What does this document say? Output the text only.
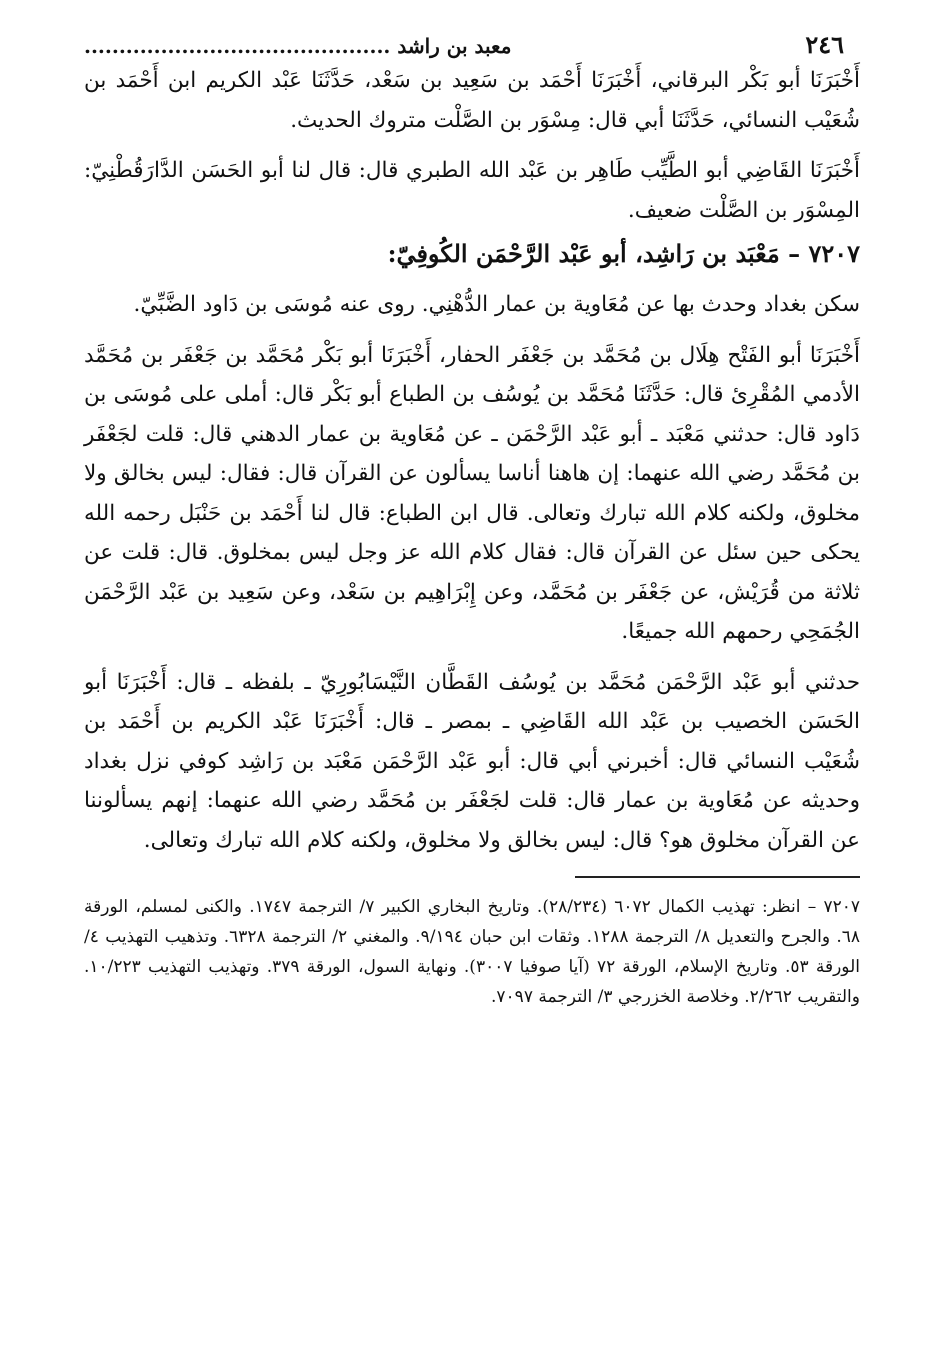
٢٤٦
معبد بن راشد ............................................

أَخْبَرَنَا أبو بَكْر البرقاني، أَخْبَرَنَا أَحْمَد بن سَعِيد بن سَعْد، حَدَّثَنَا عَبْد الكريم ابن أَحْمَد بن شُعَيْب النسائي، حَدَّثَنَا أبي قال: مِسْوَر بن الصَّلْت متروك الحديث.

أَخْبَرَنَا القَاضِي أبو الطَّيِّب طَاهِر بن عَبْد الله الطبري قال: قال لنا أبو الحَسَن الدَّارَقُطْنِيّ: المِسْوَر بن الصَّلْت ضعيف.

٧٢٠٧ – مَعْبَد بن رَاشِد، أبو عَبْد الرَّحْمَن الكُوفِيّ:

سكن بغداد وحدث بها عن مُعَاوية بن عمار الدُّهْنِي. روى عنه مُوسَى بن دَاود الضَّبِّيّ.

أَخْبَرَنَا أبو الفَتْح هِلَال بن مُحَمَّد بن جَعْفَر الحفار، أَخْبَرَنَا أبو بَكْر مُحَمَّد بن جَعْفَر بن مُحَمَّد الأدمي المُقْرِئ قال: حَدَّثَنَا مُحَمَّد بن يُوسُف بن الطباع أبو بَكْر قال: أملى على مُوسَى بن دَاود قال: حدثني مَعْبَد ـ أبو عَبْد الرَّحْمَن ـ عن مُعَاوية بن عمار الدهني قال: قلت لجَعْفَر بن مُحَمَّد رضي الله عنهما: إن هاهنا أناسا يسألون عن القرآن قال: فقال: ليس بخالق ولا مخلوق، ولكنه كلام الله تبارك وتعالى. قال ابن الطباع: قال لنا أَحْمَد بن حَنْبَل رحمه الله يحكى حين سئل عن القرآن قال: فقال كلام الله عز وجل ليس بمخلوق. قال: قلت عن ثلاثة من قُرَيْش، عن جَعْفَر بن مُحَمَّد، وعن إِبْرَاهِيم بن سَعْد، وعن سَعِيد بن عَبْد الرَّحْمَن الجُمَحِي رحمهم الله جميعًا.

حدثني أبو عَبْد الرَّحْمَن مُحَمَّد بن يُوسُف القَطَّان النَّيْسَابُورِيّ ـ بلفظه ـ قال: أَخْبَرَنَا أبو الحَسَن الخصيب بن عَبْد الله القَاضِي ـ بمصر ـ قال: أَخْبَرَنَا عَبْد الكريم بن أَحْمَد بن شُعَيْب النسائي قال: أخبرني أبي قال: أبو عَبْد الرَّحْمَن مَعْبَد بن رَاشِد كوفي نزل بغداد وحديثه عن مُعَاوية بن عمار قال: قلت لجَعْفَر بن مُحَمَّد رضي الله عنهما: إنهم يسألوننا عن القرآن مخلوق هو؟ قال: ليس بخالق ولا مخلوق، ولكنه كلام الله تبارك وتعالى.

٧٢٠٧ – انظر: تهذيب الكمال ٦٠٧٢ (٢٨/٢٣٤). وتاريخ البخاري الكبير ٧/ الترجمة ١٧٤٧. والكنى لمسلم، الورقة ٦٨. والجرح والتعديل ٨/ الترجمة ١٢٨٨. وثقات ابن حبان ٩/١٩٤. والمغني ٢/ الترجمة ٦٣٢٨. وتذهيب التهذيب ٤/ الورقة ٥٣. وتاريخ الإسلام، الورقة ٧٢ (آيا صوفيا ٣٠٠٧). ونهاية السول، الورقة ٣٧٩. وتهذيب التهذيب ١٠/٢٢٣. والتقريب ٢/٢٦٢. وخلاصة الخزرجي ٣/ الترجمة ٧٠٩٧.
